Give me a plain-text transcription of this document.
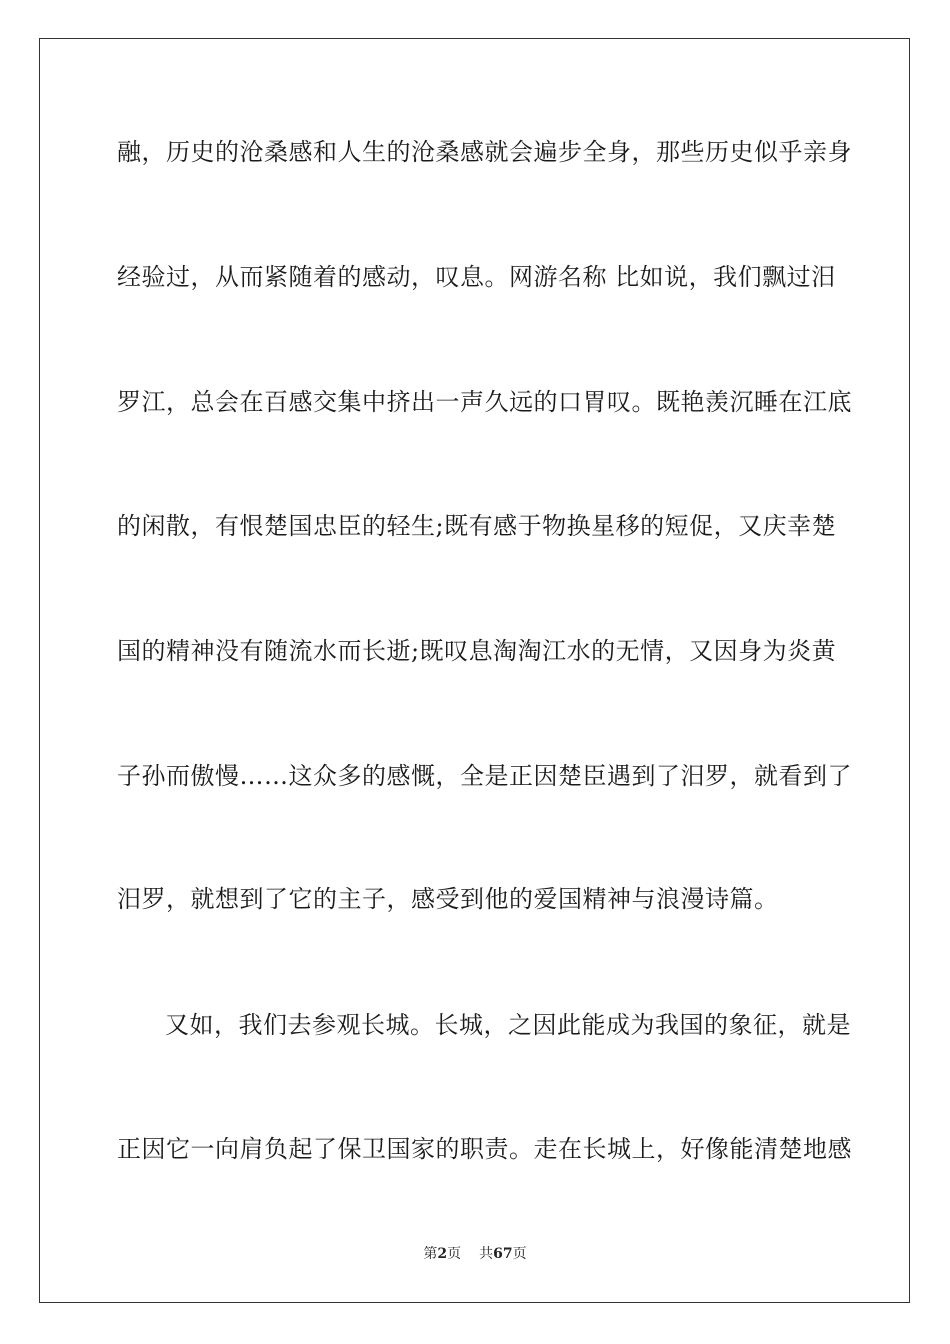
融，历史的沧桑感和人生的沧桑感就会遍步全身，那些历史似乎亲身
经验过，从而紧随着的感动，叹息。网游名称 比如说，我们飘过汨
罗江，总会在百感交集中挤出一声久远的口胃叹。既艳羡沉睡在江底
的闲散，有恨楚国忠臣的轻生;既有感于物换星移的短促，又庆幸楚
国的精神没有随流水而长逝;既叹息淘淘江水的无情，又因身为炎黄
子孙而傲慢……这众多的感慨，全是正因楚臣遇到了汨罗，就看到了
汨罗，就想到了它的主子，感受到他的爱国精神与浪漫诗篇。
又如，我们去参观长城。长城，之因此能成为我国的象征，就是
正因它一向肩负起了保卫国家的职责。走在长城上，好像能清楚地感
第2页 共67页
